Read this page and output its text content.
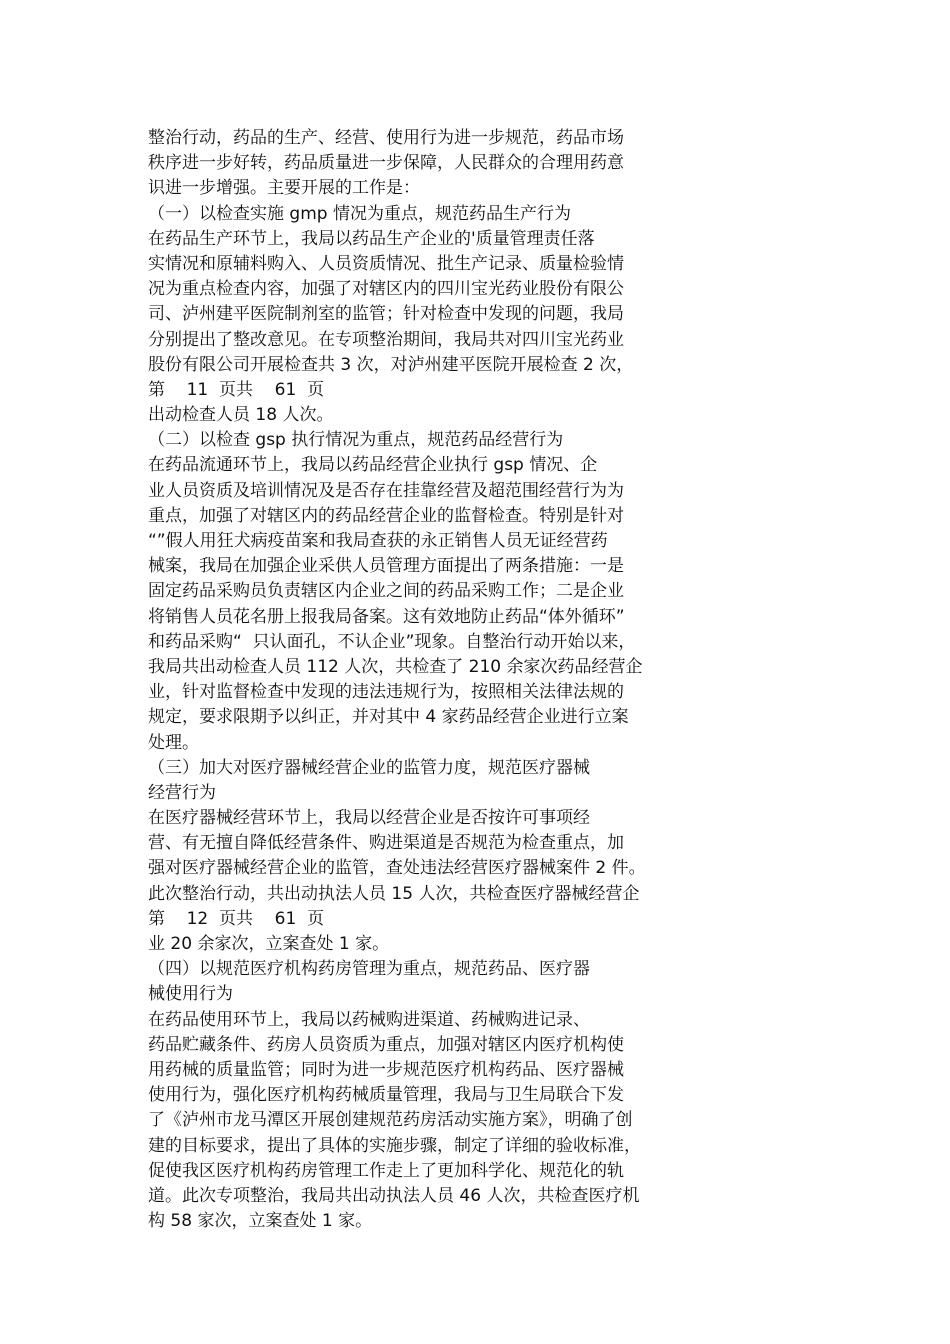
整治行动，药品的生产、经营、使用行为进一步规范，药品市场
秩序进一步好转，药品质量进一步保障，人民群众的合理用药意
识进一步增强。主要开展的工作是：
（一）以检查实施 gmp 情况为重点，规范药品生产行为
在药品生产环节上，我局以药品生产企业的'质量管理责任落
实情况和原辅料购入、人员资质情况、批生产记录、质量检验情
况为重点检查内容，加强了对辖区内的四川宝光药业股份有限公
司、泸州建平医院制剂室的监管；针对检查中发现的问题，我局
分别提出了整改意见。在专项整治期间，我局共对四川宝光药业
股份有限公司开展检查共 3 次，对泸州建平医院开展检查 2 次，
第    11  页共    61  页
出动检查人员 18 人次。
（二）以检查 gsp 执行情况为重点，规范药品经营行为
在药品流通环节上，我局以药品经营企业执行 gsp 情况、企
业人员资质及培训情况及是否存在挂靠经营及超范围经营行为为
重点，加强了对辖区内的药品经营企业的监督检查。特别是针对
“”假人用狂犬病疫苗案和我局查获的永正销售人员无证经营药
械案，我局在加强企业采供人员管理方面提出了两条措施：一是
固定药品采购员负责辖区内企业之间的药品采购工作；二是企业
将销售人员花名册上报我局备案。这有效地防止药品“体外循环”
和药品采购“  只认面孔，不认企业”现象。自整治行动开始以来，
我局共出动检查人员 112 人次，共检查了 210 余家次药品经营企
业，针对监督检查中发现的违法违规行为，按照相关法律法规的
规定，要求限期予以纠正，并对其中 4 家药品经营企业进行立案
处理。
（三）加大对医疗器械经营企业的监管力度，规范医疗器械
经营行为
在医疗器械经营环节上，我局以经营企业是否按许可事项经
营、有无擅自降低经营条件、购进渠道是否规范为检查重点，加
强对医疗器械经营企业的监管，查处违法经营医疗器械案件 2 件。
此次整治行动，共出动执法人员 15 人次，共检查医疗器械经营企
第    12  页共    61  页
业 20 余家次，立案查处 1 家。
（四）以规范医疗机构药房管理为重点，规范药品、医疗器
械使用行为
在药品使用环节上，我局以药械购进渠道、药械购进记录、
药品贮藏条件、药房人员资质为重点，加强对辖区内医疗机构使
用药械的质量监管；同时为进一步规范医疗机构药品、医疗器械
使用行为，强化医疗机构药械质量管理，我局与卫生局联合下发
了《泸州市龙马潭区开展创建规范药房活动实施方案》，明确了创
建的目标要求，提出了具体的实施步骤，制定了详细的验收标准，
促使我区医疗机构药房管理工作走上了更加科学化、规范化的轨
道。此次专项整治，我局共出动执法人员 46 人次，共检查医疗机
构 58 家次，立案查处 1 家。
